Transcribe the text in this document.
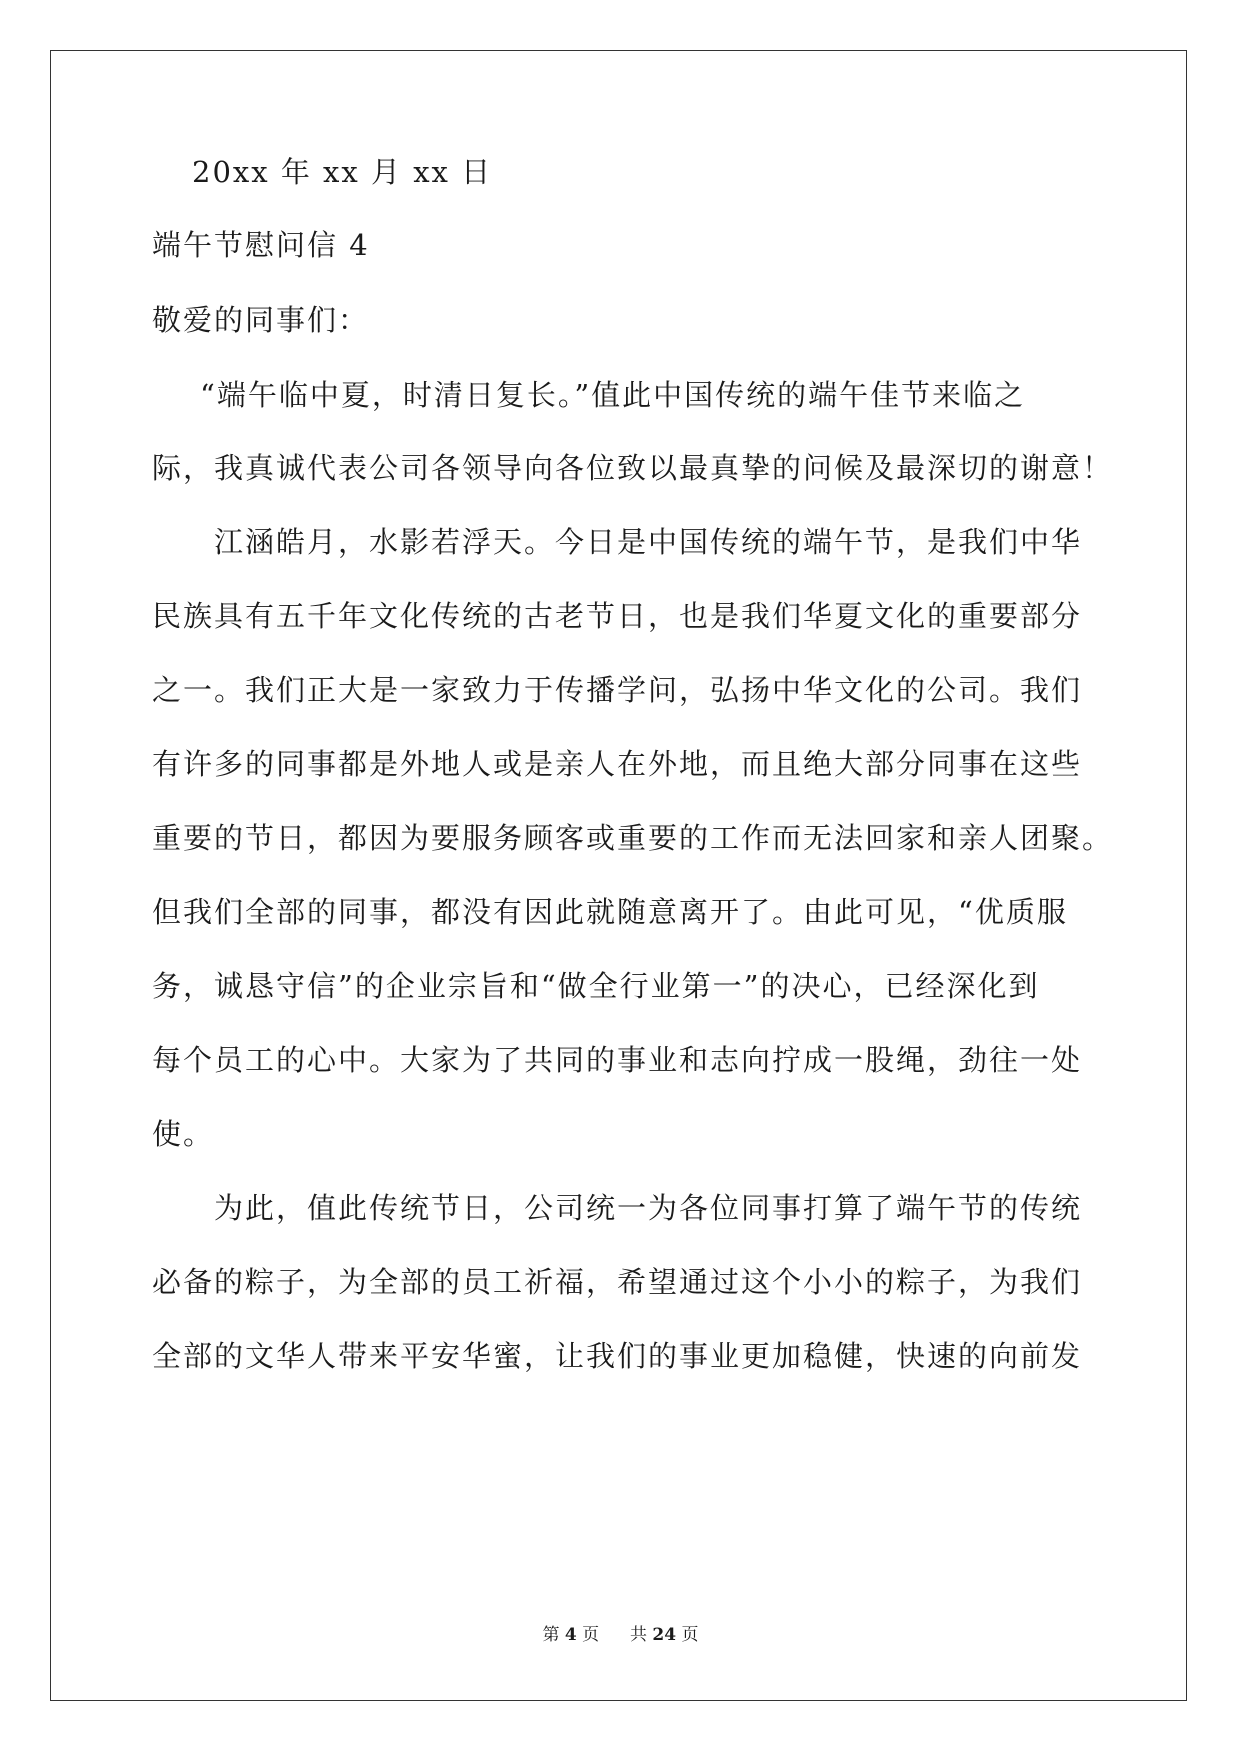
20xx 年 xx 月 xx 日
端午节慰问信 4
敬爱的同事们：
“端午临中夏，时清日复长。”值此中国传统的端午佳节来临之
际，我真诚代表公司各领导向各位致以最真挚的问候及最深切的谢意！
江涵皓月，水影若浮天。今日是中国传统的端午节，是我们中华
民族具有五千年文化传统的古老节日，也是我们华夏文化的重要部分
之一。我们正大是一家致力于传播学问，弘扬中华文化的公司。我们
有许多的同事都是外地人或是亲人在外地，而且绝大部分同事在这些
重要的节日，都因为要服务顾客或重要的工作而无法回家和亲人团聚。
但我们全部的同事，都没有因此就随意离开了。由此可见，“优质服
务，诚恳守信”的企业宗旨和“做全行业第一”的决心，已经深化到
每个员工的心中。大家为了共同的事业和志向拧成一股绳，劲往一处
使。
为此，值此传统节日，公司统一为各位同事打算了端午节的传统
必备的粽子，为全部的员工祈福，希望通过这个小小的粽子，为我们
全部的文华人带来平安华蜜，让我们的事业更加稳健，快速的向前发
第 4 页 共 24 页
